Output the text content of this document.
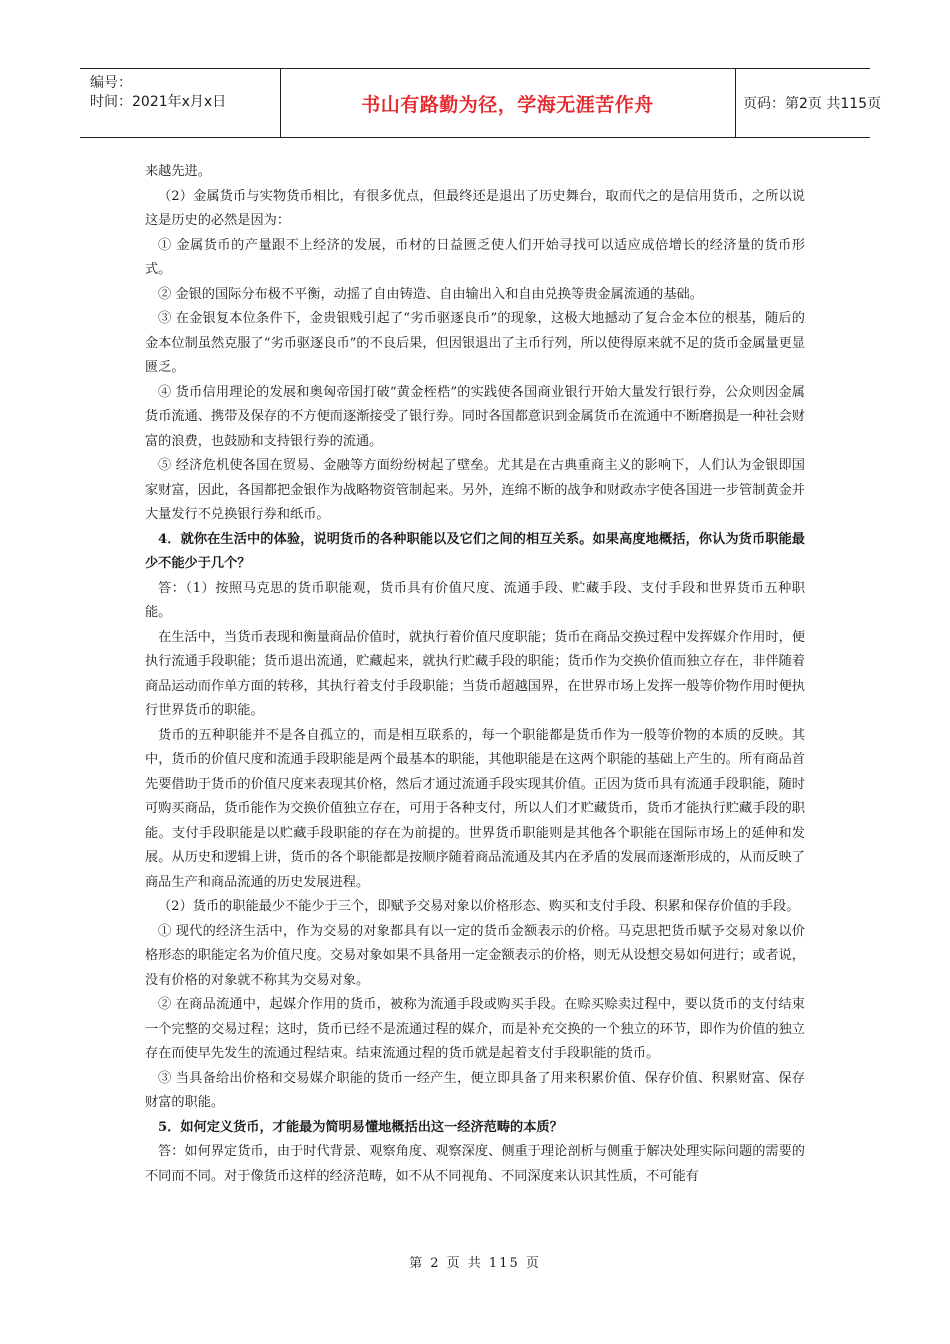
编号：
时间：2021年x月x日	书山有路勤为径，学海无涯苦作舟	页码：第2页 共115页

来越先进。

（2）金属货币与实物货币相比，有很多优点，但最终还是退出了历史舞台，取而代之的是信用货币，之所以说这是历史的必然是因为：

① 金属货币的产量跟不上经济的发展，币材的日益匮乏使人们开始寻找可以适应成倍增长的经济量的货币形式。

② 金银的国际分布极不平衡，动摇了自由铸造、自由输出入和自由兑换等贵金属流通的基础。

③ 在金银复本位条件下，金贵银贱引起了“劣币驱逐良币”的现象，这极大地撼动了复合金本位的根基，随后的金本位制虽然克服了“劣币驱逐良币”的不良后果，但因银退出了主币行列，所以使得原来就不足的货币金属量更显匮乏。

④ 货币信用理论的发展和奥匈帝国打破“黄金桎梏”的实践使各国商业银行开始大量发行银行券，公众则因金属货币流通、携带及保存的不方便而逐渐接受了银行券。同时各国都意识到金属货币在流通中不断磨损是一种社会财富的浪费，也鼓励和支持银行券的流通。

⑤ 经济危机使各国在贸易、金融等方面纷纷树起了壁垒。尤其是在古典重商主义的影响下，人们认为金银即国家财富，因此，各国都把金银作为战略物资管制起来。另外，连绵不断的战争和财政赤字使各国进一步管制黄金并大量发行不兑换银行券和纸币。

4．就你在生活中的体验，说明货币的各种职能以及它们之间的相互关系。如果高度地概括，你认为货币职能最少不能少于几个？

答：（1）按照马克思的货币职能观，货币具有价值尺度、流通手段、贮藏手段、支付手段和世界货币五种职能。

在生活中，当货币表现和衡量商品价值时，就执行着价值尺度职能；货币在商品交换过程中发挥媒介作用时，便执行流通手段职能；货币退出流通，贮藏起来，就执行贮藏手段的职能；货币作为交换价值而独立存在，非伴随着商品运动而作单方面的转移，其执行着支付手段职能；当货币超越国界，在世界市场上发挥一般等价物作用时便执行世界货币的职能。

货币的五种职能并不是各自孤立的，而是相互联系的，每一个职能都是货币作为一般等价物的本质的反映。其中，货币的价值尺度和流通手段职能是两个最基本的职能，其他职能是在这两个职能的基础上产生的。所有商品首先要借助于货币的价值尺度来表现其价格，然后才通过流通手段实现其价值。正因为货币具有流通手段职能，随时可购买商品，货币能作为交换价值独立存在，可用于各种支付，所以人们才贮藏货币，货币才能执行贮藏手段的职能。支付手段职能是以贮藏手段职能的存在为前提的。世界货币职能则是其他各个职能在国际市场上的延伸和发展。从历史和逻辑上讲，货币的各个职能都是按顺序随着商品流通及其内在矛盾的发展而逐渐形成的，从而反映了商品生产和商品流通的历史发展进程。

（2）货币的职能最少不能少于三个，即赋予交易对象以价格形态、购买和支付手段、积累和保存价值的手段。

① 现代的经济生活中，作为交易的对象都具有以一定的货币金额表示的价格。马克思把货币赋予交易对象以价格形态的职能定名为价值尺度。交易对象如果不具备用一定金额表示的价格，则无从设想交易如何进行；或者说，没有价格的对象就不称其为交易对象。

② 在商品流通中，起媒介作用的货币，被称为流通手段或购买手段。在赊买赊卖过程中，要以货币的支付结束一个完整的交易过程；这时，货币已经不是流通过程的媒介，而是补充交换的一个独立的环节，即作为价值的独立存在而使早先发生的流通过程结束。结束流通过程的货币就是起着支付手段职能的货币。

③ 当具备给出价格和交易媒介职能的货币一经产生，便立即具备了用来积累价值、保存价值、积累财富、保存财富的职能。

5．如何定义货币，才能最为简明易懂地概括出这一经济范畴的本质？

答：如何界定货币，由于时代背景、观察角度、观察深度、侧重于理论剖析与侧重于解决处理实际问题的需要的不同而不同。对于像货币这样的经济范畴，如不从不同视角、不同深度来认识其性质，不可能有

第 2 页 共 115 页
